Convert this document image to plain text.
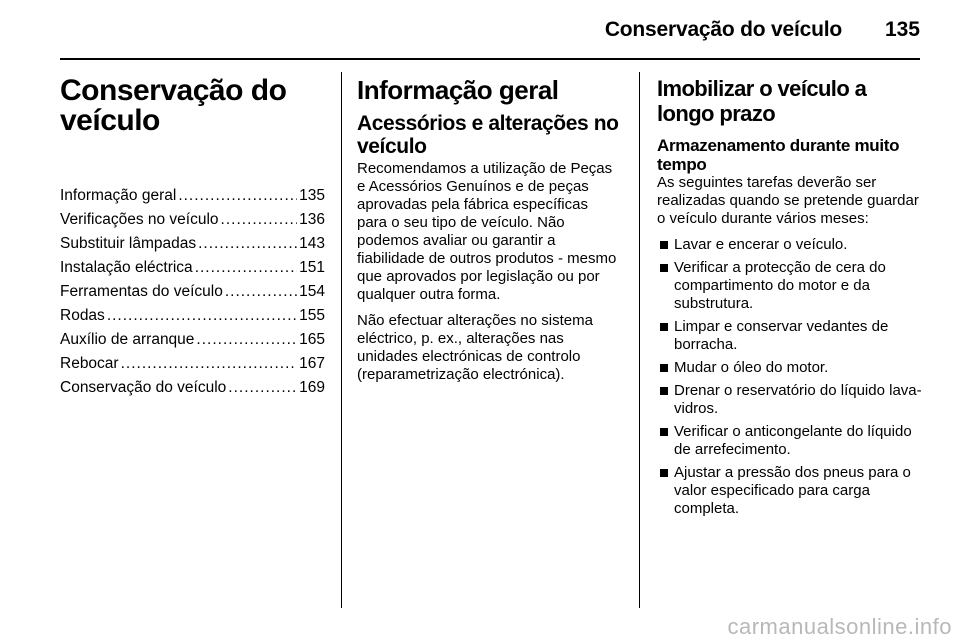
Conservação do veículo 135
Conservação do veículo
Informação geral .....	135
Verificações no veículo .....	136
Substituir lâmpadas .....	143
Instalação eléctrica .....	151
Ferramentas do veículo .....	154
Rodas .....	155
Auxílio de arranque .....	165
Rebocar .....	167
Conservação do veículo .....	169
Informação geral
Acessórios e alterações no veículo

Recomendamos a utilização de Peças e Acessórios Genuínos e de peças aprovadas pela fábrica específicas para o seu tipo de veículo. Não podemos avaliar ou garantir a fiabilidade de outros produtos - mesmo que aprovados por legislação ou por qualquer outra forma.

Não efectuar alterações no sistema eléctrico, p. ex., alterações nas unidades electrónicas de controlo (reparametrização electrónica).

Imobilizar o veículo a longo prazo
Armazenamento durante muito tempo

As seguintes tarefas deverão ser realizadas quando se pretende guardar o veículo durante vários meses:

Lavar e encerar o veículo.
Verificar a protecção de cera do compartimento do motor e da substrutura.
Limpar e conservar vedantes de borracha.
Mudar o óleo do motor.
Drenar o reservatório do líquido lava-vidros.
Verificar o anticongelante do líquido de arrefecimento.
Ajustar a pressão dos pneus para o valor especificado para carga completa.
carmanualsonline.info
